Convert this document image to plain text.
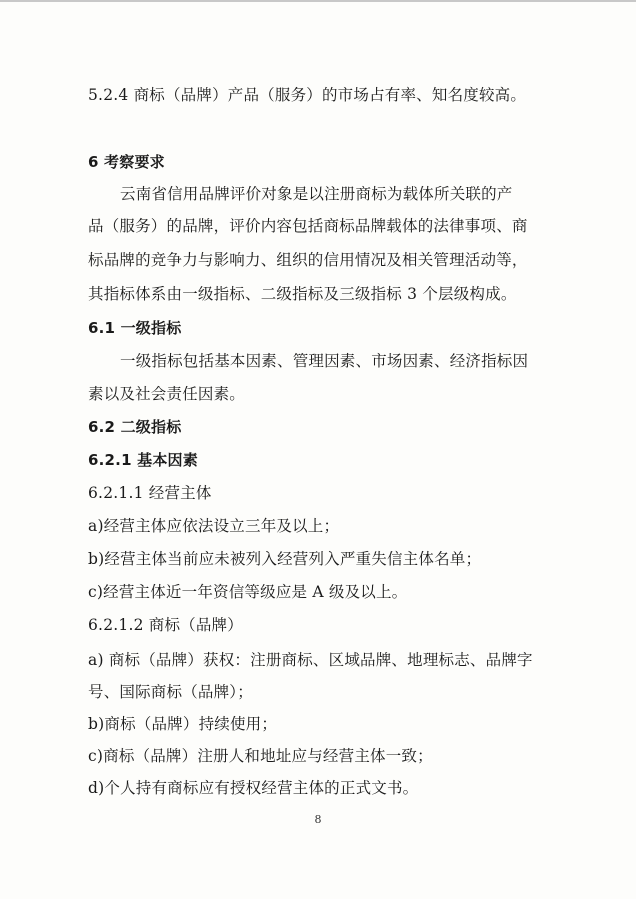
5.2.4 商标（品牌）产品（服务）的市场占有率、知名度较高。
6 考察要求
云南省信用品牌评价对象是以注册商标为载体所关联的产
品（服务）的品牌，评价内容包括商标品牌载体的法律事项、商
标品牌的竞争力与影响力、组织的信用情况及相关管理活动等，
其指标体系由一级指标、二级指标及三级指标 3 个层级构成。
6.1 一级指标
一级指标包括基本因素、管理因素、市场因素、经济指标因
素以及社会责任因素。
6.2 二级指标
6.2.1 基本因素
6.2.1.1 经营主体
a)经营主体应依法设立三年及以上；
b)经营主体当前应未被列入经营列入严重失信主体名单；
c)经营主体近一年资信等级应是 A 级及以上。
6.2.1.2 商标（品牌）
a) 商标（品牌）获权：注册商标、区域品牌、地理标志、品牌字
号、国际商标（品牌）；
b)商标（品牌）持续使用；
c)商标（品牌）注册人和地址应与经营主体一致；
d)个人持有商标应有授权经营主体的正式文书。
8
